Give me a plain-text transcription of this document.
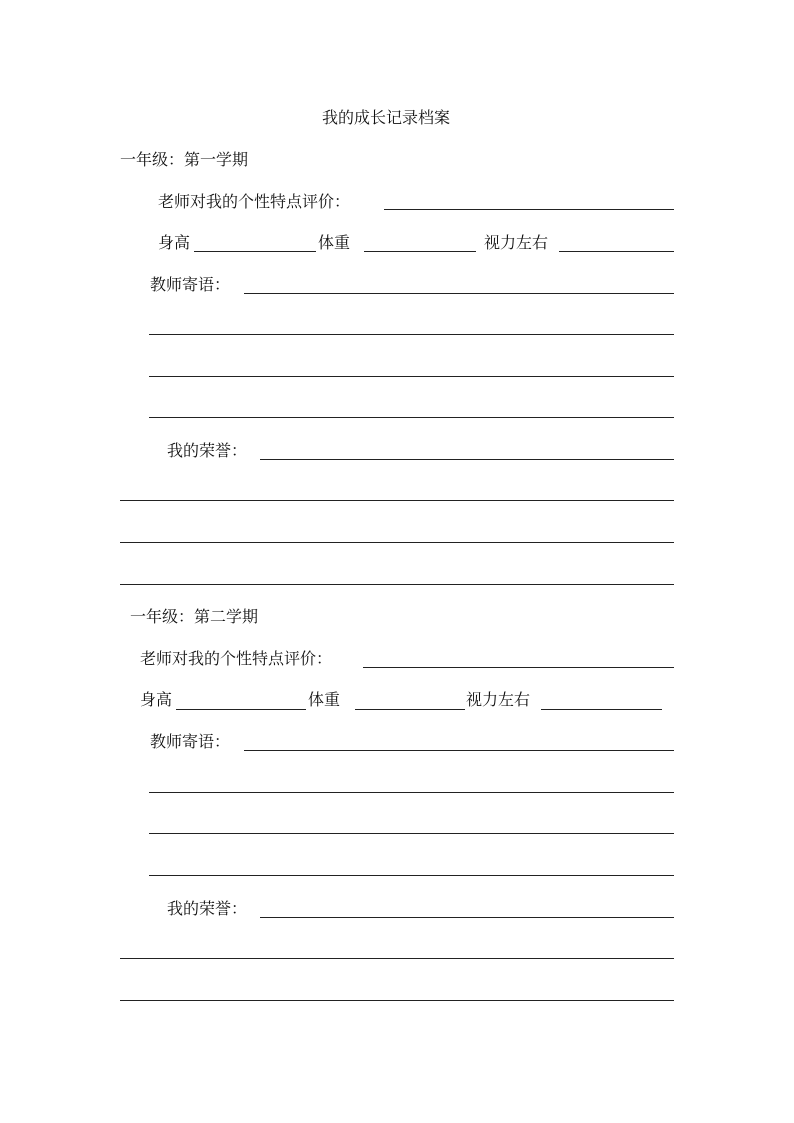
我的成长记录档案
一年级：第一学期
老师对我的个性特点评价：
身高	体重	视力左右
教师寄语：
我的荣誉：
一年级：第二学期
老师对我的个性特点评价：
身高	体重	视力左右
教师寄语：
我的荣誉：
